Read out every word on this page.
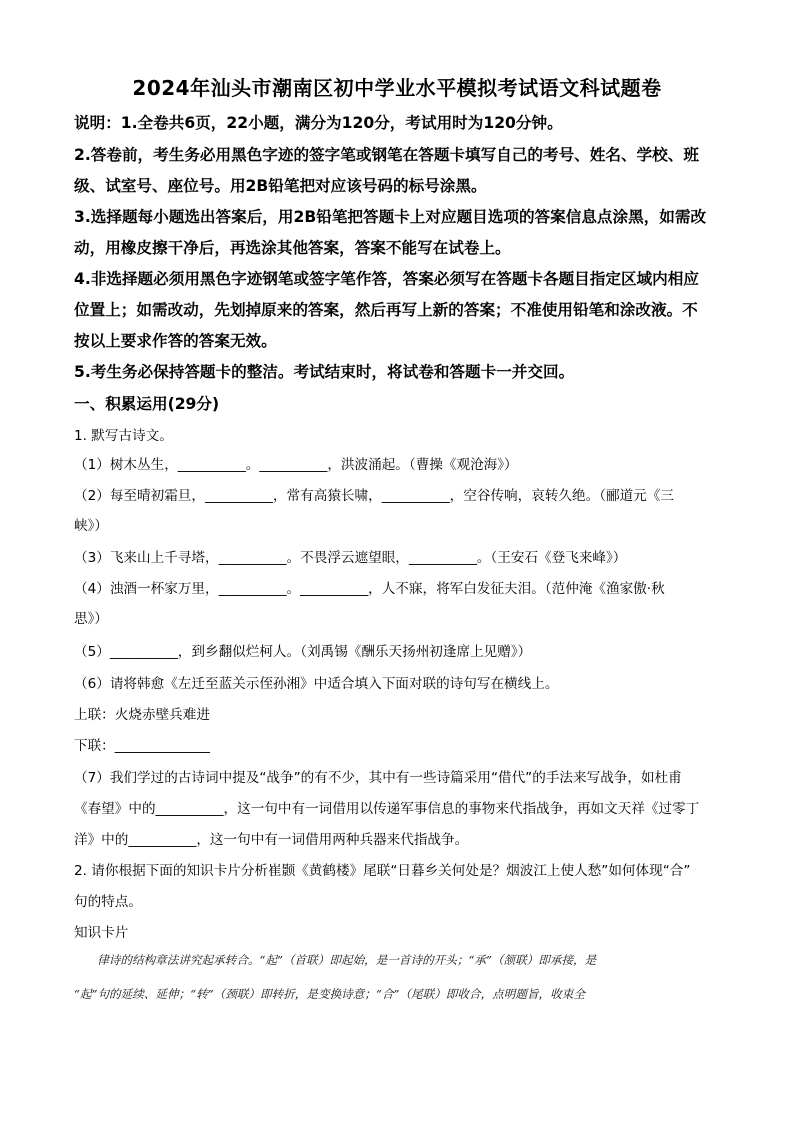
2024年汕头市潮南区初中学业水平模拟考试语文科试题卷
说明：1.全卷共6页，22小题，满分为120分，考试用时为120分钟。
2.答卷前，考生务必用黑色字迹的签字笔或钢笔在答题卡填写自己的考号、姓名、学校、班
级、试室号、座位号。用2B铅笔把对应该号码的标号涂黑。
3.选择题每小题选出答案后，用2B铅笔把答题卡上对应题目选项的答案信息点涂黑，如需改
动，用橡皮擦干净后，再选涂其他答案，答案不能写在试卷上。
4.非选择题必须用黑色字迹钢笔或签字笔作答，答案必须写在答题卡各题目指定区域内相应
位置上；如需改动，先划掉原来的答案，然后再写上新的答案；不准使用铅笔和涂改液。不
按以上要求作答的答案无效。
5.考生务必保持答题卡的整洁。考试结束时，将试卷和答题卡一并交回。
一、积累运用(29分)
1. 默写古诗文。
（1）树木丛生，__________。__________，洪波涌起。（曹操《观沧海》）
（2）每至晴初霜旦，__________，常有高猿长啸，__________，空谷传响，哀转久绝。（郦道元《三
峡》）
（3）飞来山上千寻塔，__________。不畏浮云遮望眼，__________。（王安石《登飞来峰》）
（4）浊酒一杯家万里，__________。__________，人不寐，将军白发征夫泪。（范仲淹《渔家傲·秋
思》）
（5）__________，到乡翻似烂柯人。（刘禹锡《酬乐天扬州初逢席上见赠》）
（6）请将韩愈《左迁至蓝关示侄孙湘》中适合填入下面对联的诗句写在横线上。
上联：火烧赤壁兵难进
下联：______________
（7）我们学过的古诗词中提及“战争”的有不少，其中有一些诗篇采用“借代”的手法来写战争，如杜甫
《春望》中的__________，这一句中有一词借用以传递军事信息的事物来代指战争，再如文天祥《过零丁
洋》中的__________，这一句中有一词借用两种兵器来代指战争。
2. 请你根据下面的知识卡片分析崔颢《黄鹤楼》尾联“日暮乡关何处是？烟波江上使人愁”如何体现“合”
句的特点。
知识卡片
　　律诗的结构章法讲究起承转合。“起”（首联）即起始，是一首诗的开头；“承”（颔联）即承接，是
“起”句的延续、延伸；“转”（颈联）即转折，是变换诗意；“合”（尾联）即收合，点明题旨，收束全
